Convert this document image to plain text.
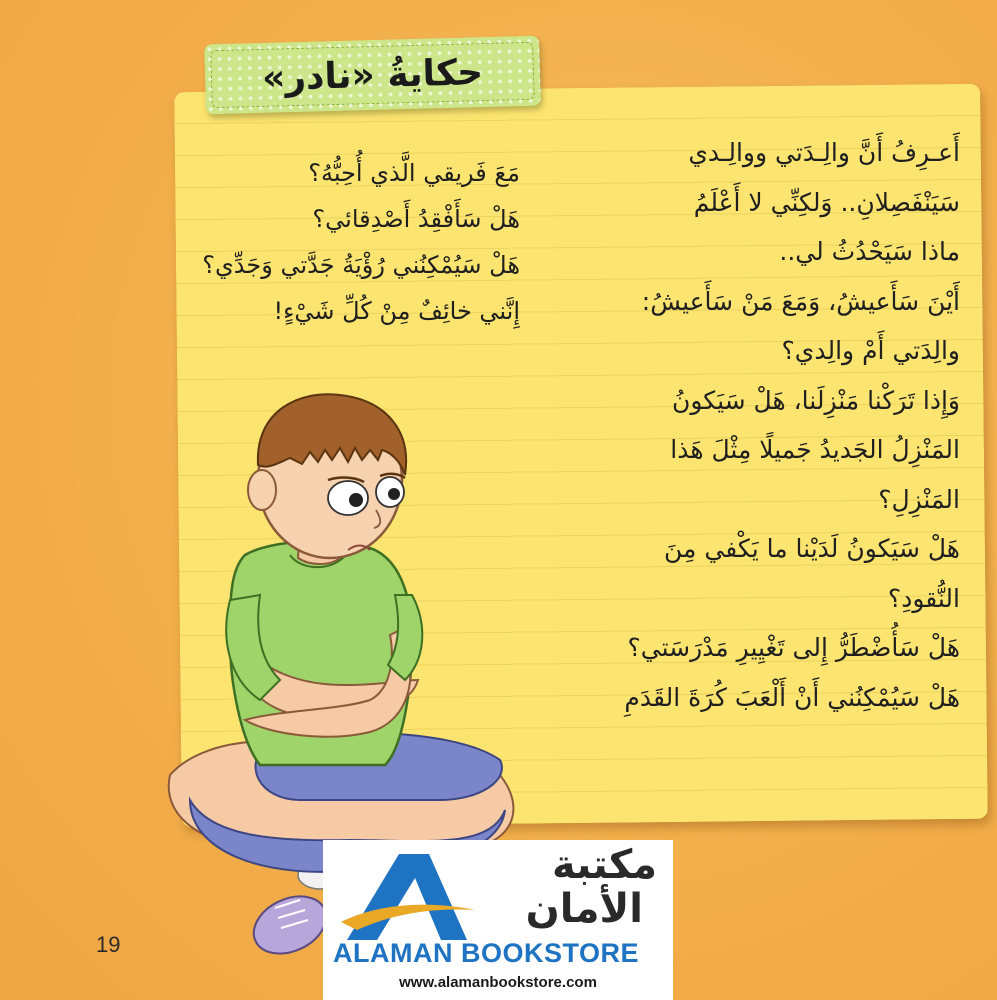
حكايةُ «نادر»
أَعـرِفُ أَنَّ والِـدَتي ووالِـدي
سَيَنْفَصِلانِ.. وَلكِنِّي لا أَعْلَمُ
ماذا سَيَحْدُثُ لي..
أَيْنَ سَأَعيشُ، وَمَعَ مَنْ سَأَعيشُ:
والِدَتي أَمْ والِدي؟
وَإِذا تَرَكْنا مَنْزِلَنا، هَلْ سَيَكونُ
المَنْزِلُ الجَديدُ جَميلًا مِثْلَ هَذا
المَنْزِلِ؟
هَلْ سَيَكونُ لَدَيْنا ما يَكْفي مِنَ
النُّقودِ؟
هَلْ سَأُضْطَرُّ إِلى تَغْيِيرِ مَدْرَسَتي؟
هَلْ سَيُمْكِنُني أَنْ أَلْعَبَ كُرَةَ القَدَمِ
مَعَ فَريقي الَّذي أُحِبُّهُ؟
هَلْ سَأَفْقِدُ أَصْدِقائي؟
هَلْ سَيُمْكِنُني رُؤْيَةُ جَدَّتي وَجَدِّي؟
إِنَّني خائِفٌ مِنْ كُلِّ شَيْءٍ!
19
مكتبة
الأمان
ALAMAN BOOKSTORE
www.alamanbookstore.com
